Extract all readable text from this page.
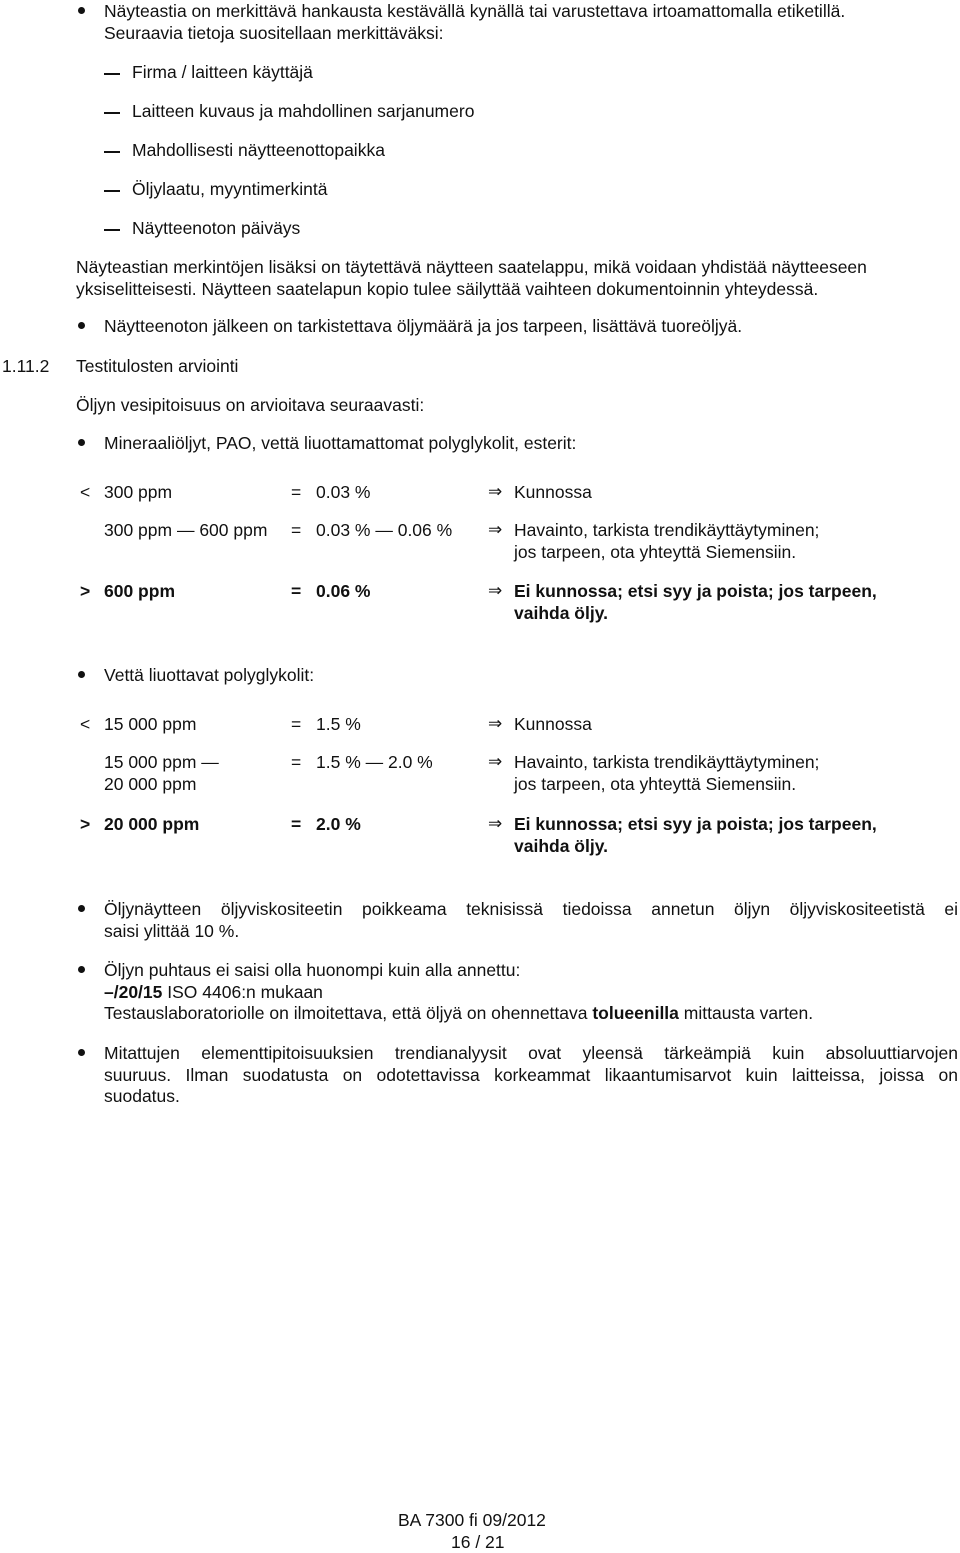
Näyteastia on merkittävä hankausta kestävällä kynällä tai varustettava irtoamattomalla etiketillä.
Seuraavia tietoja suositellaan merkittäväksi:
Firma / laitteen käyttäjä
Laitteen kuvaus ja mahdollinen sarjanumero
Mahdollisesti näytteenottopaikka
Öljylaatu, myyntimerkintä
Näytteenoton päiväys
Näyteastian merkintöjen lisäksi on täytettävä näytteen saatelappu, mikä voidaan yhdistää näytteeseen
yksiselitteisesti. Näytteen saatelapun kopio tulee säilyttää vaihteen dokumentoinnin yhteydessä.
Näytteenoton jälkeen on tarkistettava öljymäärä ja jos tarpeen, lisättävä tuoreöljyä.
1.11.2 Testitulosten arviointi
Öljyn vesipitoisuus on arvioitava seuraavasti:
Mineraaliöljyt, PAO, vettä liuottamattomat polyglykolit, esterit:
< 300 ppm	= 0.03 %	⇒ Kunnossa
300 ppm — 600 ppm = 0.03 % — 0.06 % ⇒ Havainto, tarkista trendikäyttäytyminen;
jos tarpeen, ota yhteyttä Siemensiin.
> 600 ppm	= 0.06 %	⇒ Ei kunnossa; etsi syy ja poista; jos tarpeen,
vaihda öljy.
Vettä liuottavat polyglykolit:
< 15 000 ppm	= 1.5 %	⇒ Kunnossa
15 000 ppm —
20 000 ppm
= 1.5 % — 2.0 %	⇒ Havainto, tarkista trendikäyttäytyminen;
jos tarpeen, ota yhteyttä Siemensiin.
> 20 000 ppm	= 2.0 %	⇒ Ei kunnossa; etsi syy ja poista; jos tarpeen,
vaihda öljy.
Öljynäytteen öljyviskositeetin poikkeama teknisissä tiedoissa annetun öljyn öljyviskositeetistä ei
saisi ylittää 10 %.
Öljyn puhtaus ei saisi olla huonompi kuin alla annettu:
–/20/15 ISO 4406:n mukaan
Testauslaboratoriolle on ilmoitettava, että öljyä on ohennettava tolueenilla mittausta varten.
Mitattujen elementtipitoisuuksien trendianalyysit ovat yleensä tärkeämpiä kuin absoluuttiarvojen
suuruus. Ilman suodatusta on odotettavissa korkeammat likaantumisarvot kuin laitteissa, joissa on
suodatus.
BA 7300 fi 09/2012
16 / 21
